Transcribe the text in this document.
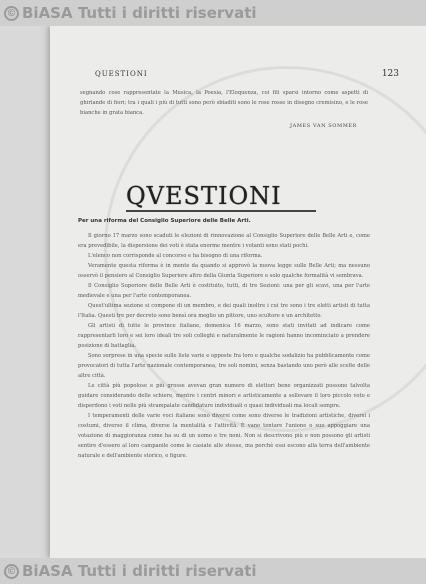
© BiASA Tutti i diritti riservati
QUESTIONI	123
segnando cose rappresentate la Musica, la Poesia, l'Eloquenza, coi fili sparsi intorno come aspetti di ghirlande di fiori; tra i quali i più di tutti sono però sbiaditi sono le rose rosse in disegno cremisino, e le rose bianche in grata bianca.
JAMES VAN SOMMER
QVESTIONI
Per una riforma del Consiglio Superiore delle Belle Arti.

Il giorno 17 marzo sono scaduti le elezioni di rinnovazione al Consiglio Superiore delle Belle Arti e, come era prevedibile, la dispersione dei voti è stata enorme mentre i votanti sono stati pochi.

L'elenco non corrisponde al concorso e ha bisogno di una riforma.

Veramente questa riforma è in mente da quando si approvò la nuova legge sulle Belle Arti; ma nessuno osservò il pensiero al Consiglio Superiore altro della Giunta Superiore e solo qualche formalità vi sembrava.

Il Consiglio Superiore delle Belle Arti è costituito, tutti, di tre Sezioni: una per gli scavi, una per l'arte medievale e una per l'arte contemporanea.

Quest'ultima sezione si compone di un membro, e dei quali inoltre i cui tre sono i tre eletti artisti di tutta l'Italia. Questi tre per decreto sono bensì ora meglio un pittore, uno scultore e un architetto.

Gli artisti di tutte le province italiane, domenica 16 marzo, sono stati invitati ad indicare come rappresentarli loro e sei loro ideali tre soli colleghi e naturalmente le ragioni hanno incominciato a prendere posizione di battaglia.

Sono sorprese in una specie sulle liste varie e opposte fra loro e qualche sodalizio ha pubblicamente come provocatori di tutta l'arte nazionale contemporanea, tre soli nomini, senza bastando uno però alle scelte delle altre città.

Le città più popolose e più grosse avevan gran numero di elettori bene organizzati possono talvolta guidare considerando delle schiere, mentre i centri minori e artisticamente a sollevare il loro piccolo voto e disperdono i voti nelle più strampalate candidature individuali o quasi individuali ma locali sempre.

I temperamenti delle varie voci italiane sono diversi come sono diverse le tradizioni artistiche, diversi i costumi, diverso il clima, diverse la mentalità e l'attività. È vano tentare l'unione o suo appoggiare una votazione di maggioranza come ha su di un uomo e tre noni. Non si descrivono più e non possono gli artisti sentire d'essere al loro campanile come le casiate alle stesse, ma perchè essi escono alla terra dell'ambiente naturale e dell'ambiente storico, e figure.

© BiASA Tutti i diritti riservati
